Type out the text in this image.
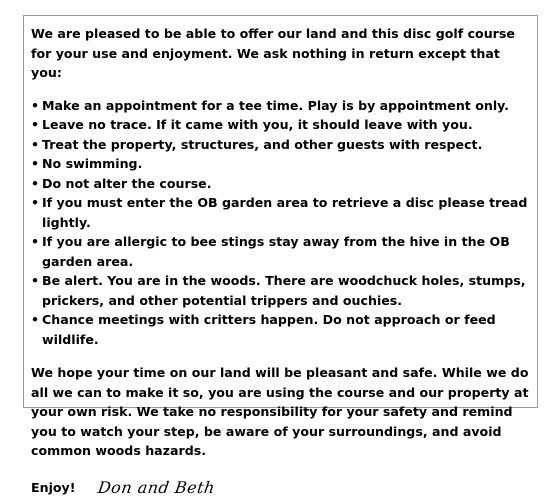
We are pleased to be able to offer our land and this disc golf course for your use and enjoyment. We ask nothing in return except that you:

• Make an appointment for a tee time. Play is by appointment only.
• Leave no trace. If it came with you, it should leave with you.
• Treat the property, structures, and other guests with respect.
• No swimming.
• Do not alter the course.
• If you must enter the OB garden area to retrieve a disc please tread lightly.
• If you are allergic to bee stings stay away from the hive in the OB garden area.
• Be alert. You are in the woods. There are woodchuck holes, stumps, prickers, and other potential trippers and ouchies.
• Chance meetings with critters happen. Do not approach or feed wildlife.

We hope your time on our land will be pleasant and safe. While we do all we can to make it so, you are using the course and our property at your own risk. We take no responsibility for your safety and remind you to watch your step, be aware of your surroundings, and avoid common woods hazards.

Enjoy! Don and Beth
